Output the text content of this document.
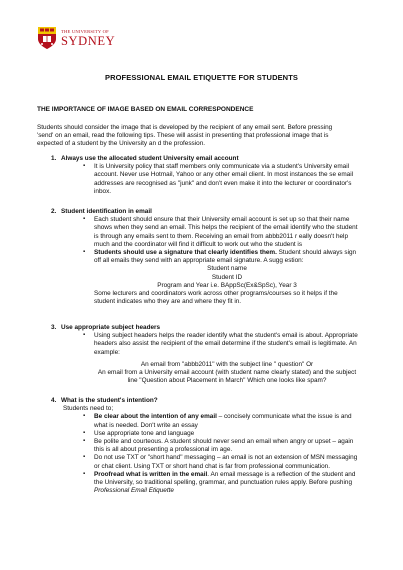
THE UNIVERSITY OF
SYDNEY
PROFESSIONAL EMAIL ETIQUETTE FOR STUDENTS
THE IMPORTANCE OF IMAGE BASED ON EMAIL CORRESPONDENCE
Students should consider the image that is developed by the recipient of any email sent. Before pressing
'send' on an email, read the following tips. These will assist in presenting that professional image that is
expected of a student by the University an d the profession.
1. Always use the allocated student University email account
▪ It is University policy that staff members only communicate via a student's University email
account. Never use Hotmail, Yahoo or any other email client. In most instances the se email
addresses are recognised as "junk" and don't even make it into the lecturer or coordinator's
inbox.
2. Student identification in email
▪ Each student should ensure that their University email account is set up so that their name
shows when they send an email. This helps the recipient of the email identify who the student
is through any emails sent to them. Receiving an email from abbb2011 r eally doesn't help
much and the coordinator will find it difficult to work out who the student is
▪ Students should use a signature that clearly identifies them. Student should always sign
off all emails they send with an appropriate email signature. A sugg estion:
Student name
Student ID
Program and Year i.e. BAppSc(Ex&SpSc), Year 3
Some lecturers and coordinators work across other programs/courses so it helps if the
student indicates who they are and where they fit in.
3. Use appropriate subject headers
▪ Using subject headers helps the reader identify what the student's email is about. Appropriate
headers also assist the recipient of the email determine if the student's email is legitimate. An
example:
An email from "abbb2011" with the subject line " question" Or
An email from a University email account (with student name clearly stated) and the subject
line "Question about Placement in March" Which one looks like spam?
4. What is the student's intention?
Students need to;
▪ Be clear about the intention of any email – concisely communicate what the issue is and
what is needed. Don't write an essay
▪ Use appropriate tone and language
▪ Be polite and courteous. A student should never send an email when angry or upset – again
this is all about presenting a professional im age.
▪ Do not use TXT or "short hand" messaging – an email is not an extension of MSN messaging
or chat client. Using TXT or short hand chat is far from professional communication.
▪ Proofread what is written in the email. An email message is a reflection of the student and
the University, so traditional spelling, grammar, and punctuation rules apply. Before pushing
Professional Email Etiquette
